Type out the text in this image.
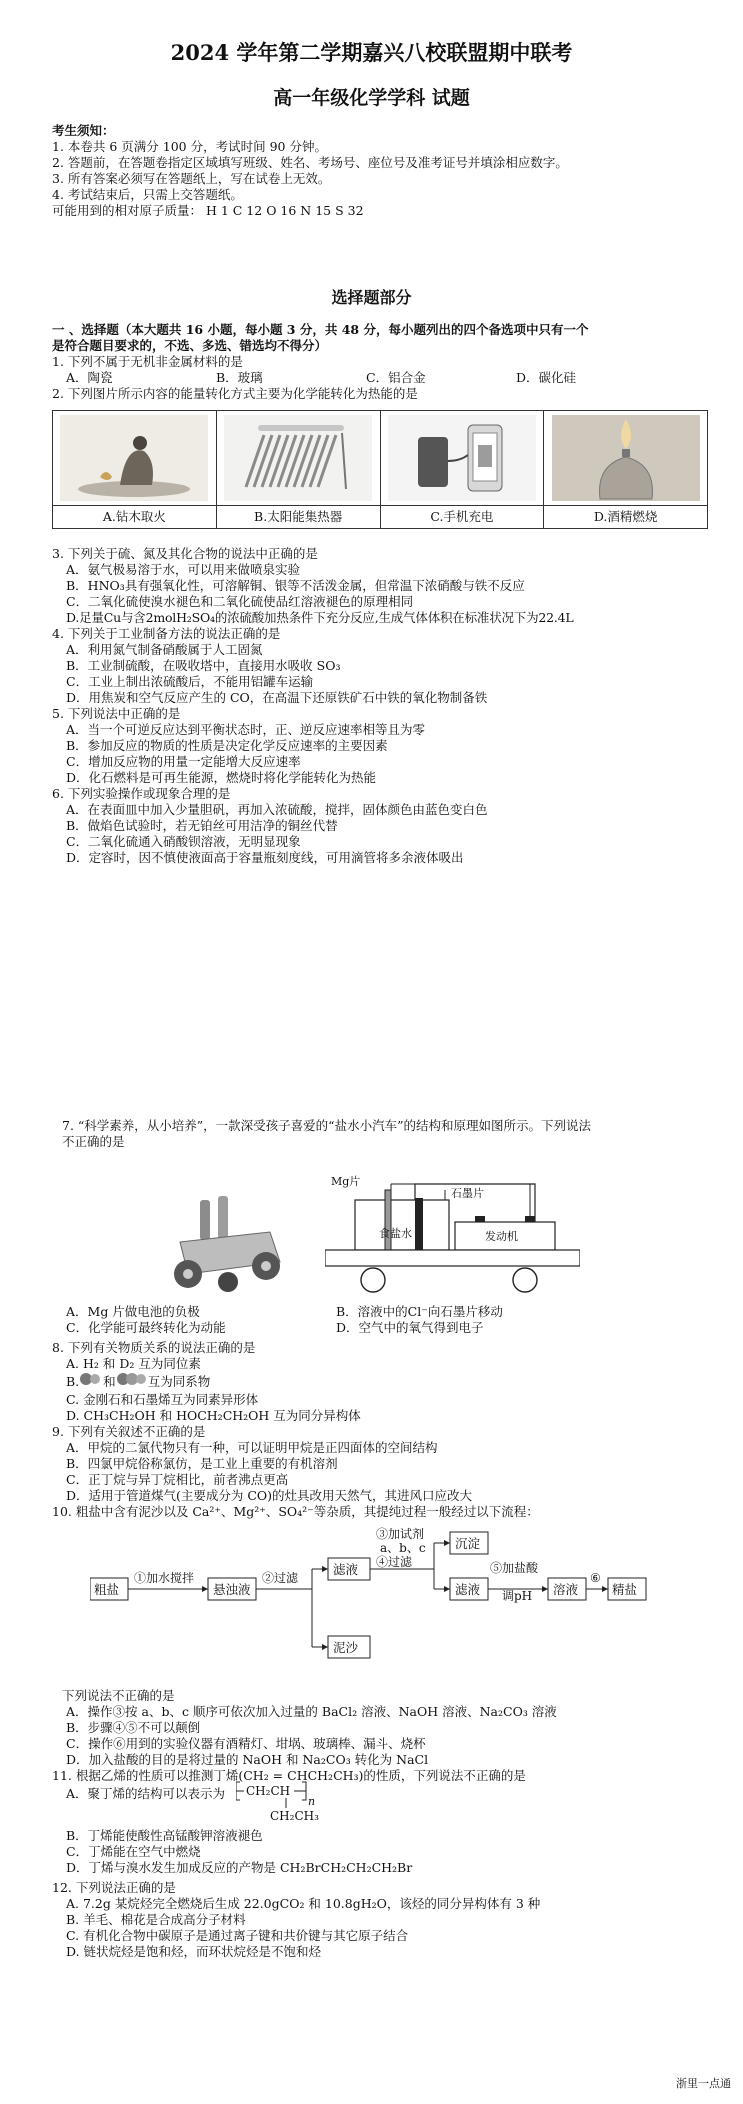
2024 学年第二学期嘉兴八校联盟期中联考
高一年级化学学科 试题

考生须知：

1. 本卷共 6 页满分 100 分，考试时间 90 分钟。

2. 答题前，在答题卷指定区域填写班级、姓名、考场号、座位号及准考证号并填涂相应数字。

3. 所有答案必须写在答题纸上，写在试卷上无效。

4. 考试结束后，只需上交答题纸。

可能用到的相对原子质量： H 1 C 12 O 16 N 15 S 32

选择题部分

一 、选择题（本大题共 16 小题，每小题 3 分，共 48 分，每小题列出的四个备选项中只有一个

是符合题目要求的，不选、多选、错选均不得分）

1. 下列不属于无机非金属材料的是

A．陶瓷	B．玻璃	C．铝合金	D．碳化硅

2. 下列图片所示内容的能量转化方式主要为化学能转化为热能的是

A.钻木取火	B.太阳能集热器	C.手机充电	D.酒精燃烧

3. 下列关于硫、氮及其化合物的说法中正确的是

A．氨气极易溶于水，可以用来做喷泉实验

B．HNO₃具有强氧化性，可溶解铜、银等不活泼金属，但常温下浓硝酸与铁不反应

C．二氧化硫使溴水褪色和二氧化硫使品红溶液褪色的原理相同

D.足量Cu与含2molH₂SO₄的浓硫酸加热条件下充分反应,生成气体体积在标准状况下为22.4L

4. 下列关于工业制备方法的说法正确的是

A．利用氮气制备硝酸属于人工固氮

B．工业制硫酸，在吸收塔中，直接用水吸收 SO₃

C．工业上制出浓硫酸后，不能用铝罐车运输

D．用焦炭和空气反应产生的 CO，在高温下还原铁矿石中铁的氧化物制备铁

5. 下列说法中正确的是

A．当一个可逆反应达到平衡状态时，正、逆反应速率相等且为零

B．参加反应的物质的性质是决定化学反应速率的主要因素

C．增加反应物的用量一定能增大反应速率

D．化石燃料是可再生能源，燃烧时将化学能转化为热能

6. 下列实验操作或现象合理的是

A．在表面皿中加入少量胆矾，再加入浓硫酸，搅拌，固体颜色由蓝色变白色

B．做焰色试验时，若无铂丝可用洁净的铜丝代替

C．二氧化硫通入硝酸钡溶液，无明显现象

D．定容时，因不慎使液面高于容量瓶刻度线，可用滴管将多余液体吸出

7. “科学素养，从小培养”，一款深受孩子喜爱的“盐水小汽车”的结构和原理如图所示。下列说法

不正确的是

Mg片
石墨片
食盐水	发动机

A．Mg 片做电池的负极	B．溶液中的Cl⁻向石墨片移动

C．化学能可最终转化为动能	D．空气中的氧气得到电子

8. 下列有关物质关系的说法正确的是

A. H₂ 和 D₂ 互为同位素

B. 和	互为同系物

C. 金刚石和石墨烯互为同素异形体

D. CH₃CH₂OH 和 HOCH₂CH₂OH 互为同分异构体

9. 下列有关叙述不正确的是

A．甲烷的二氯代物只有一种，可以证明甲烷是正四面体的空间结构

B．四氯甲烷俗称氯仿，是工业上重要的有机溶剂

C．正丁烷与异丁烷相比，前者沸点更高

D．适用于管道煤气(主要成分为 CO)的灶具改用天然气，其进风口应改大

10. 粗盐中含有泥沙以及 Ca²⁺、Mg²⁺、SO₄²⁻等杂质，其提纯过程一般经过以下流程：

粗盐
①加水搅拌
悬浊液
②过滤
滤液
泥沙
③加试剂
a、b、c
④过滤
沉淀
滤液
⑤加盐酸
调pH 溶液
⑥
精盐

下列说法不正确的是

A．操作③按 a、b、c 顺序可依次加入过量的 BaCl₂ 溶液、NaOH 溶液、Na₂CO₃ 溶液

B．步骤④⑤不可以颠倒

C．操作⑥用到的实验仪器有酒精灯、坩埚、玻璃棒、漏斗、烧杯

D．加入盐酸的目的是将过量的 NaOH 和 Na₂CO₃ 转化为 NaCl

11. 根据乙烯的性质可以推测丁烯(CH₂ = CHCH₂CH₃)的性质，下列说法不正确的是

A．聚丁烯的结构可以表示为	CH₂CH
n
CH₂CH₃

B．丁烯能使酸性高锰酸钾溶液褪色

C．丁烯能在空气中燃烧

D．丁烯与溴水发生加成反应的产物是 CH₂BrCH₂CH₂CH₂Br

12. 下列说法正确的是

A. 7.2g 某烷烃完全燃烧后生成 22.0gCO₂ 和 10.8gH₂O，该烃的同分异构体有 3 种

B. 羊毛、棉花是合成高分子材料

C. 有机化合物中碳原子是通过离子键和共价键与其它原子结合

D. 链状烷烃是饱和烃，而环状烷烃是不饱和烃

浙里一点通
